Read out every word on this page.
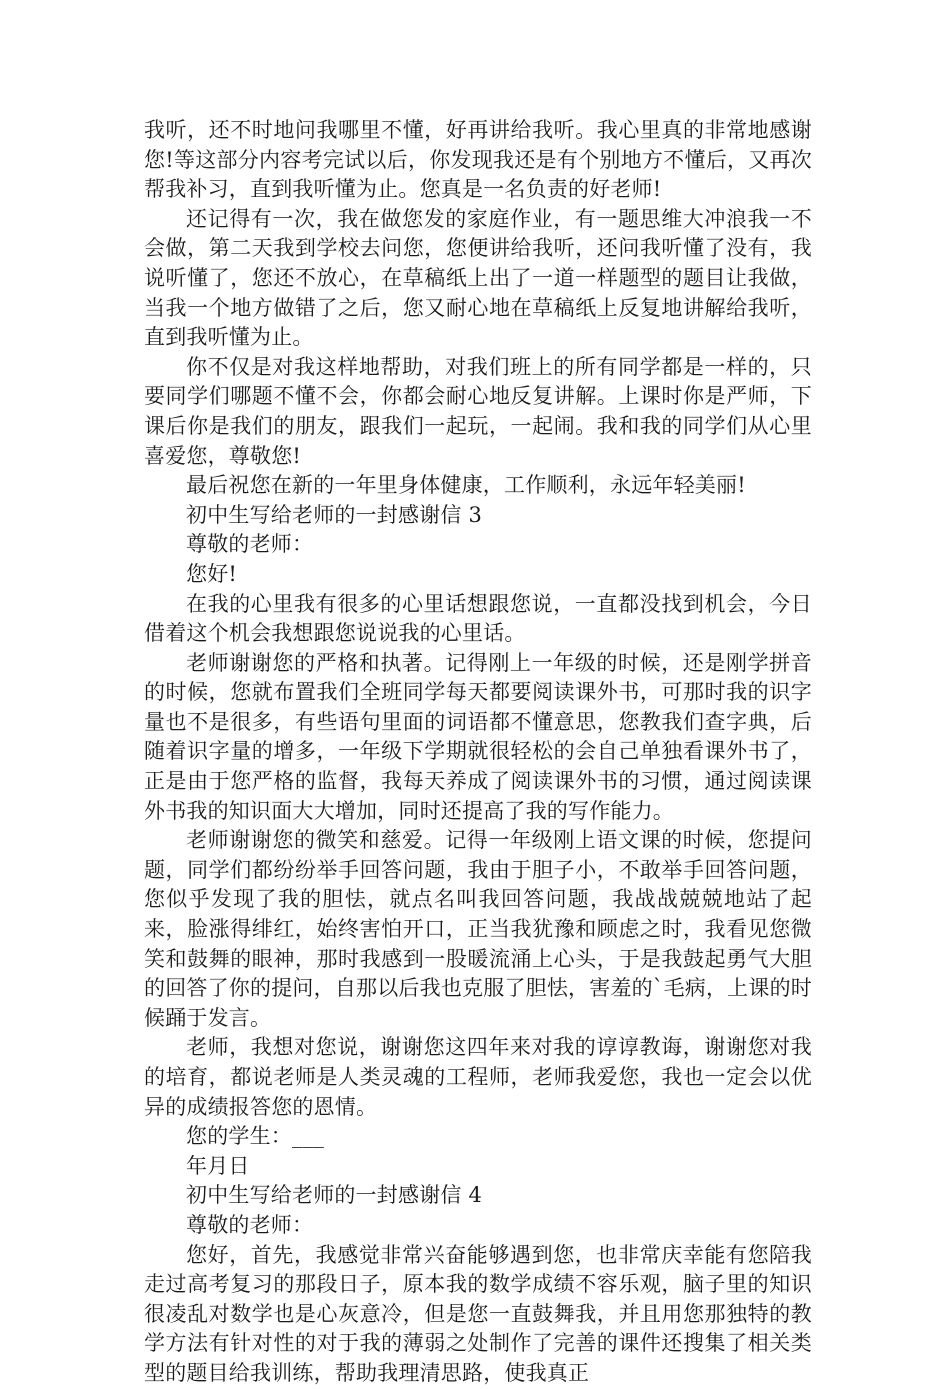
我听，还不时地问我哪里不懂，好再讲给我听。我心里真的非常地感谢您!等这部分内容考完试以后，你发现我还是有个别地方不懂后，又再次帮我补习，直到我听懂为止。您真是一名负责的好老师!

还记得有一次，我在做您发的家庭作业，有一题思维大冲浪我一不会做，第二天我到学校去问您，您便讲给我听，还问我听懂了没有，我说听懂了，您还不放心，在草稿纸上出了一道一样题型的题目让我做，当我一个地方做错了之后，您又耐心地在草稿纸上反复地讲解给我听，直到我听懂为止。

你不仅是对我这样地帮助，对我们班上的所有同学都是一样的，只要同学们哪题不懂不会，你都会耐心地反复讲解。上课时你是严师，下课后你是我们的朋友，跟我们一起玩，一起闹。我和我的同学们从心里喜爱您，尊敬您!

最后祝您在新的一年里身体健康，工作顺利，永远年轻美丽!

初中生写给老师的一封感谢信 3

尊敬的老师：

您好!

在我的心里我有很多的心里话想跟您说，一直都没找到机会，今日借着这个机会我想跟您说说我的心里话。

老师谢谢您的严格和执著。记得刚上一年级的时候，还是刚学拼音的时候，您就布置我们全班同学每天都要阅读课外书，可那时我的识字量也不是很多，有些语句里面的词语都不懂意思，您教我们查字典，后随着识字量的增多，一年级下学期就很轻松的会自己单独看课外书了，正是由于您严格的监督，我每天养成了阅读课外书的习惯，通过阅读课外书我的知识面大大增加，同时还提高了我的写作能力。

老师谢谢您的微笑和慈爱。记得一年级刚上语文课的时候，您提问题，同学们都纷纷举手回答问题，我由于胆子小，不敢举手回答问题，您似乎发现了我的胆怯，就点名叫我回答问题，我战战兢兢地站了起来，脸涨得绯红，始终害怕开口，正当我犹豫和顾虑之时，我看见您微笑和鼓舞的眼神，那时我感到一股暖流涌上心头，于是我鼓起勇气大胆的回答了你的提问，自那以后我也克服了胆怯，害羞的`毛病，上课的时候踊于发言。

老师，我想对您说，谢谢您这四年来对我的谆谆教诲，谢谢您对我的培育，都说老师是人类灵魂的工程师，老师我爱您，我也一定会以优异的成绩报答您的恩情。

您的学生：___

年月日

初中生写给老师的一封感谢信 4

尊敬的老师：

您好，首先，我感觉非常兴奋能够遇到您，也非常庆幸能有您陪我走过高考复习的那段日子，原本我的数学成绩不容乐观，脑子里的知识很凌乱对数学也是心灰意冷，但是您一直鼓舞我，并且用您那独特的教学方法有针对性的对于我的薄弱之处制作了完善的课件还搜集了相关类型的题目给我训练，帮助我理清思路，使我真正
